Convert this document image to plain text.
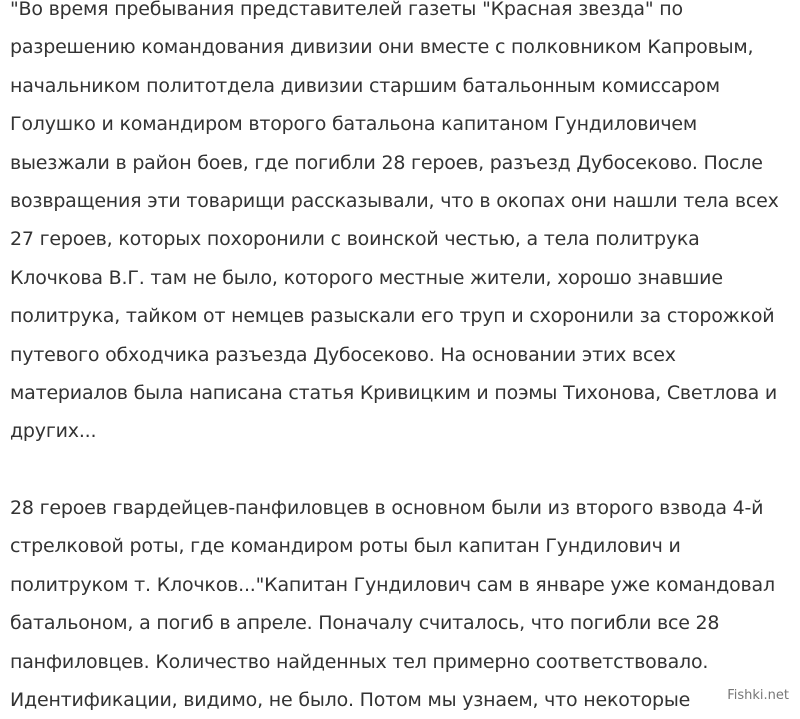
"Во время пребывания представителей газеты "Красная звезда" по
разрешению командования дивизии они вместе с полковником Капровым,
начальником политотдела дивизии старшим батальонным комиссаром
Голушко и командиром второго батальона капитаном Гундиловичем
выезжали в район боев, где погибли 28 героев, разъезд Дубосеково. После
возвращения эти товарищи рассказывали, что в окопах они нашли тела всех
27 героев, которых похоронили с воинской честью, а тела политрука
Клочкова В.Г. там не было, которого местные жители, хорошо знавшие
политрука, тайком от немцев разыскали его труп и схоронили за сторожкой
путевого обходчика разъезда Дубосеково. На основании этих всех
материалов была написана статья Кривицким и поэмы Тихонова, Светлова и
других...
28 героев гвардейцев-панфиловцев в основном были из второго взвода 4-й
стрелковой роты, где командиром роты был капитан Гундилович и
политруком т. Клочков..."Капитан Гундилович сам в январе уже командовал
батальоном, а погиб в апреле. Поначалу считалось, что погибли все 28
панфиловцев. Количество найденных тел примерно соответствовало.
Идентификации, видимо, не было. Потом мы узнаем, что некоторые	Fishki.net
